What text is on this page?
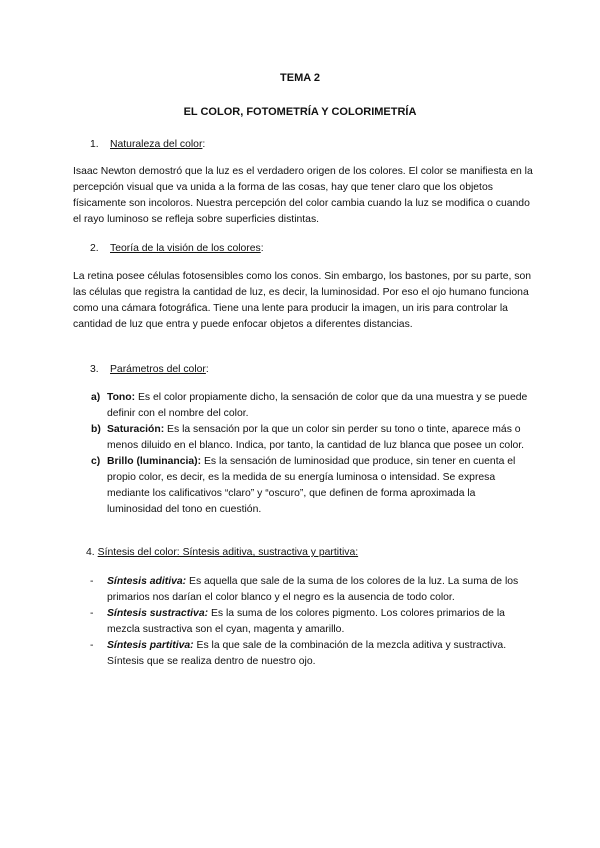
TEMA 2
EL COLOR, FOTOMETRÍA Y COLORIMETRÍA
1. Naturaleza del color:

Isaac Newton demostró que la luz es el verdadero origen de los colores. El color se manifiesta en la percepción visual que va unida a la forma de las cosas, hay que tener claro que los objetos físicamente son incoloros. Nuestra percepción del color cambia cuando la luz se modifica o cuando el rayo luminoso se refleja sobre superficies distintas.

2. Teoría de la visión de los colores:

La retina posee células fotosensibles como los conos. Sin embargo, los bastones, por su parte, son las células que registra la cantidad de luz, es decir, la luminosidad. Por eso el ojo humano funciona como una cámara fotográfica. Tiene una lente para producir la imagen, un iris para controlar la cantidad de luz que entra y puede enfocar objetos a diferentes distancias.

3. Parámetros del color:
a) Tono: Es el color propiamente dicho, la sensación de color que da una muestra y se puede definir con el nombre del color.
b) Saturación: Es la sensación por la que un color sin perder su tono o tinte, aparece más o menos diluido en el blanco. Indica, por tanto, la cantidad de luz blanca que posee un color.
c) Brillo (luminancia): Es la sensación de luminosidad que produce, sin tener en cuenta el propio color, es decir, es la medida de su energía luminosa o intensidad. Se expresa mediante los calificativos “claro” y “oscuro”, que definen de forma aproximada la luminosidad del tono en cuestión.
4. Síntesis del color: Síntesis aditiva, sustractiva y partitiva:
- Síntesis aditiva: Es aquella que sale de la suma de los colores de la luz. La suma de los primarios nos darían el color blanco y el negro es la ausencia de todo color.
- Síntesis sustractiva: Es la suma de los colores pigmento. Los colores primarios de la mezcla sustractiva son el cyan, magenta y amarillo.
- Síntesis partitiva: Es la que sale de la combinación de la mezcla aditiva y sustractiva. Síntesis que se realiza dentro de nuestro ojo.
